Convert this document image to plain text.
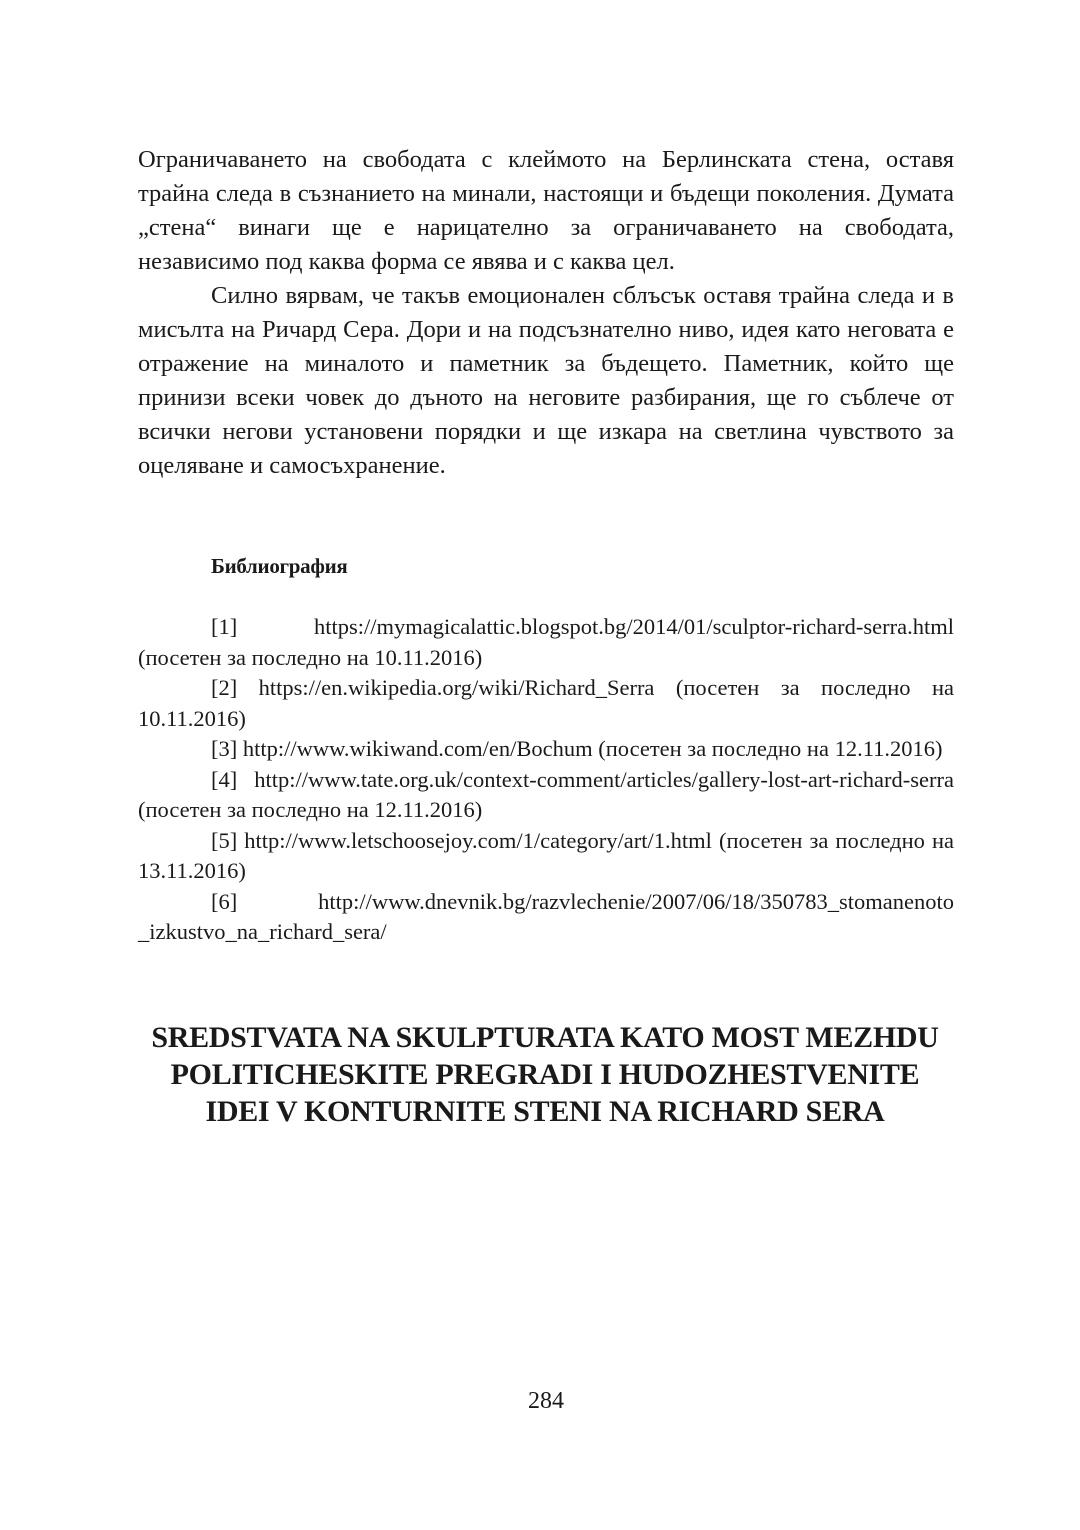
Ограничаването на свободата с клеймото на Берлинската стена, оставя трайна следа в съзнанието на минали, настоящи и бъдещи поколения. Думата „стена“ винаги ще е нарицателно за ограничаването на свободата, независимо под каква форма се явява и с каква цел.

Силно вярвам, че такъв емоционален сблъсък оставя трайна следа и в мисълта на Ричард Сера. Дори и на подсъзнателно ниво, идея като неговата е отражение на миналото и паметник за бъдещето. Паметник, който ще принизи всеки човек до дъното на неговите разбирания, ще го съблече от всички негови установени порядки и ще изкара на светлина чувството за оцеляване и самосъхранение.

Библиография

[1] https://mymagicalattic.blogspot.bg/2014/01/sculptor-richard-serra.html (посетен за последно на 10.11.2016)

[2] https://en.wikipedia.org/wiki/Richard_Serra (посетен за последно на 10.11.2016)

[3] http://www.wikiwand.com/en/Bochum (посетен за последно на 12.11.2016)

[4] http://www.tate.org.uk/context-comment/articles/gallery-lost-art-richard-serra (посетен за последно на 12.11.2016)

[5] http://www.letschoosejoy.com/1/category/art/1.html (посетен за последно на 13.11.2016)

[6] http://www.dnevnik.bg/razvlechenie/2007/06/18/350783_stomanenoto _izkustvo_na_richard_sera/

SREDSTVATA NA SKULPTURATA KATO MOST MEZHDU
POLITICHESKITE PREGRADI I HUDOZHESTVENITE
IDEI V KONTURNITE STENI NA RICHARD SERA
284
